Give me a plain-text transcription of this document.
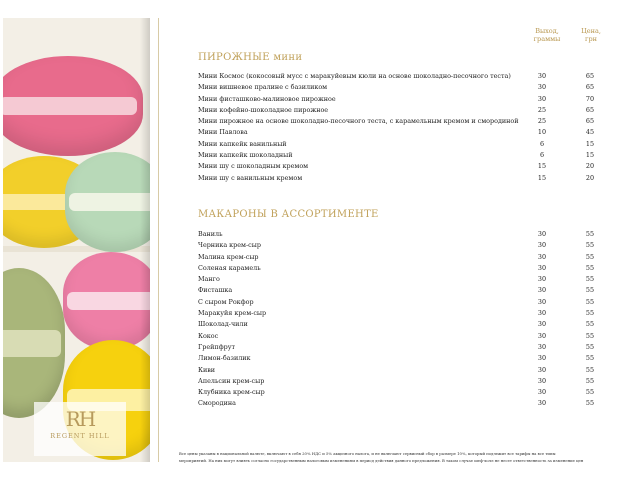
RH
REGENT HILL
Выход, граммы
Цена, грн
ПИРОЖНЫЕ мини
Мини Космос (кокосовый мусс с маракуйевым кюли на основе шоколадно-песочного теста)	30	65
Мини вишневое пралине с базиликом	30	65
Мини фисташково-малиновое пирожное	30	70
Мини кофейно-шоколадное пирожное	25	65
Мини пирожное на основе шоколадно-песочного теста, с карамельным кремом и смородиной	25	65
Мини Павлова	10	45
Мини капкейк ванильный	6	15
Мини капкейк шоколадный	6	15
Мини шу с шоколадным кремом	15	20
Мини шу с ванильным кремом	15	20
МАКАРОНЫ В АССОРТИМЕНТЕ
Ваниль	30	55
Черника крем-сыр	30	55
Малина крем-сыр	30	55
Соленая карамель	30	55
Манго	30	55
Фисташка	30	55
С сыром Рокфор	30	55
Маракуйя крем-сыр	30	55
Шоколад-чили	30	55
Кокос	30	55
Грейпфрут	30	55
Лимон-базилик	30	55
Киви	30	55
Апельсин крем-сыр	30	55
Клубника крем-сыр	30	55
Смородина	30	55
Все цены указаны в национальной валюте, включают в себя 20% НДС и 5% акцизного налога, и не включают сервисный сбор в размере 10%, который подлежит все тарифы на все типы
мероприятий. На них могут влиять согласно государственным налоговым изменениям в период действия данного предложения. В таком случае шеф-холл не несет ответственность за изменение цен
